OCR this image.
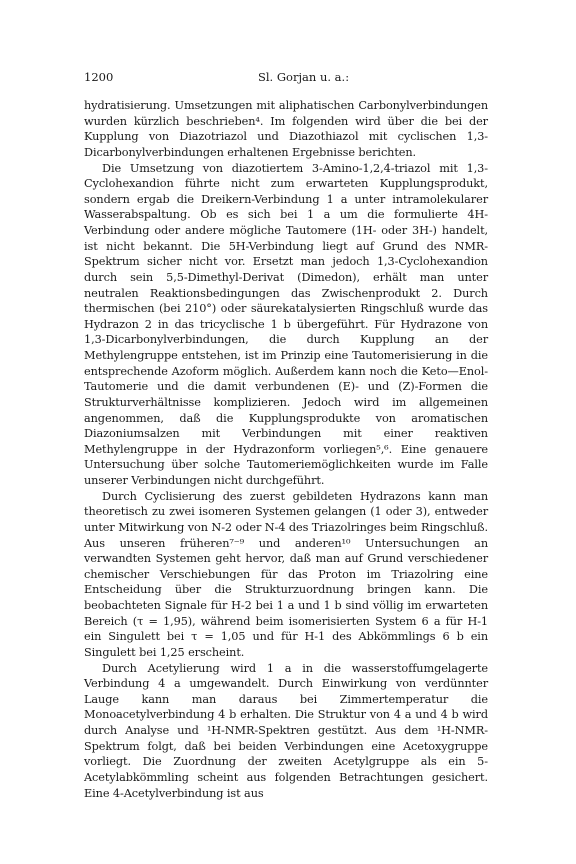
1200	Sl. Gorjan u. a.:

hydratisierung. Umsetzungen mit aliphatischen Carbonylverbindungen wurden kürzlich beschrieben⁴. Im folgenden wird über die bei der Kupplung von Diazotriazol und Diazothiazol mit cyclischen 1,3-Dicarbonylverbindungen erhaltenen Ergebnisse berichten.

Die Umsetzung von diazotiertem 3-Amino-1,2,4-triazol mit 1,3-Cyclohexandion führte nicht zum erwarteten Kupplungsprodukt, sondern ergab die Dreikern-Verbindung 1 a unter intramolekularer Wasserabspaltung. Ob es sich bei 1 a um die formulierte 4H-Verbindung oder andere mögliche Tautomere (1H- oder 3H-) handelt, ist nicht bekannt. Die 5H-Verbindung liegt auf Grund des NMR-Spektrum sicher nicht vor. Ersetzt man jedoch 1,3-Cyclohexandion durch sein 5,5-Dimethyl-Derivat (Dimedon), erhält man unter neutralen Reaktionsbedingungen das Zwischenprodukt 2. Durch thermischen (bei 210°) oder säurekatalysierten Ringschluß wurde das Hydrazon 2 in das tricyclische 1 b übergeführt. Für Hydrazone von 1,3-Dicarbonylverbindungen, die durch Kupplung an der Methylengruppe entstehen, ist im Prinzip eine Tautomerisierung in die entsprechende Azoform möglich. Außerdem kann noch die Keto—Enol-Tautomerie und die damit verbundenen (E)- und (Z)-Formen die Strukturverhältnisse komplizieren. Jedoch wird im allgemeinen angenommen, daß die Kupplungsprodukte von aromatischen Diazoniumsalzen mit Verbindungen mit einer reaktiven Methylengruppe in der Hydrazonform vorliegen⁵,⁶. Eine genauere Untersuchung über solche Tautomeriemöglichkeiten wurde im Falle unserer Verbindungen nicht durchgeführt.

Durch Cyclisierung des zuerst gebildeten Hydrazons kann man theoretisch zu zwei isomeren Systemen gelangen (1 oder 3), entweder unter Mitwirkung von N-2 oder N-4 des Triazolringes beim Ringschluß. Aus unseren früheren⁷⁻⁹ und anderen¹⁰ Untersuchungen an verwandten Systemen geht hervor, daß man auf Grund verschiedener chemischer Verschiebungen für das Proton im Triazolring eine Entscheidung über die Strukturzuordnung bringen kann. Die beobachteten Signale für H-2 bei 1 a und 1 b sind völlig im erwarteten Bereich (τ = 1,95), während beim isomerisierten System 6 a für H-1 ein Singulett bei τ = 1,05 und für H-1 des Abkömmlings 6 b ein Singulett bei 1,25 erscheint.

Durch Acetylierung wird 1 a in die wasserstoffumgelagerte Verbindung 4 a umgewandelt. Durch Einwirkung von verdünnter Lauge kann man daraus bei Zimmertemperatur die Monoacetylverbindung 4 b erhalten. Die Struktur von 4 a und 4 b wird durch Analyse und ¹H-NMR-Spektren gestützt. Aus dem ¹H-NMR-Spektrum folgt, daß bei beiden Verbindungen eine Acetoxygruppe vorliegt. Die Zuordnung der zweiten Acetylgruppe als ein 5-Acetylabkömmling scheint aus folgenden Betrachtungen gesichert. Eine 4-Acetylverbindung ist aus
